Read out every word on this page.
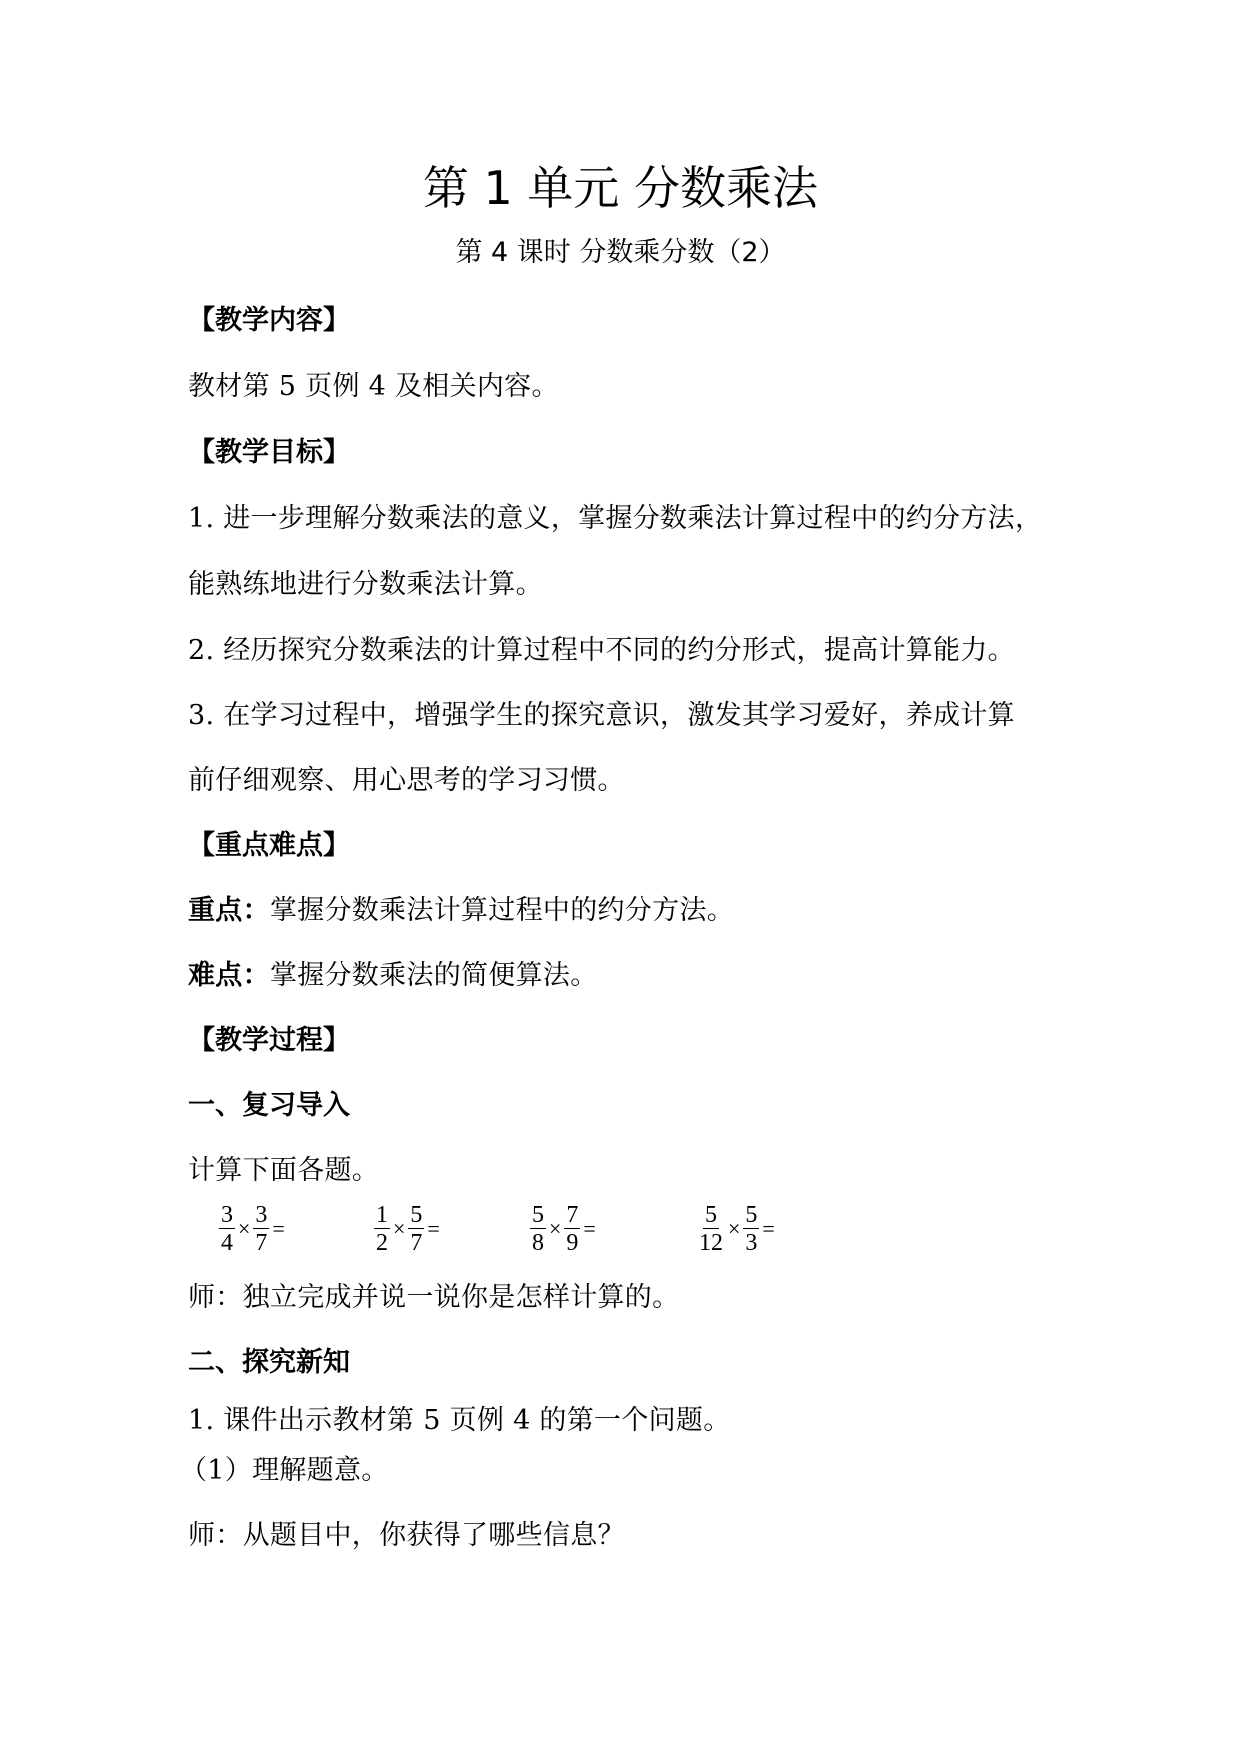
第 1 单元 分数乘法
第 4 课时 分数乘分数（2）
【教学内容】
教材第 5 页例 4 及相关内容。
【教学目标】
1. 进一步理解分数乘法的意义，掌握分数乘法计算过程中的约分方法，
能熟练地进行分数乘法计算。
2. 经历探究分数乘法的计算过程中不同的约分形式，提高计算能力。
3. 在学习过程中，增强学生的探究意识，激发其学习爱好，养成计算
前仔细观察、用心思考的学习习惯。
【重点难点】
重点：掌握分数乘法计算过程中的约分方法。
难点：掌握分数乘法的简便算法。
【教学过程】
一、复习导入
计算下面各题。
$\frac{3}{4} \times \frac{3}{7}$ =	$\frac{1}{2} \times \frac{5}{7}$ =	$\frac{5}{8} \times \frac{7}{9}$ =	$\frac{5}{12} \times \frac{5}{3}$ =
师：独立完成并说一说你是怎样计算的。
二、探究新知
1. 课件出示教材第 5 页例 4 的第一个问题。
（1）理解题意。
师：从题目中，你获得了哪些信息？
